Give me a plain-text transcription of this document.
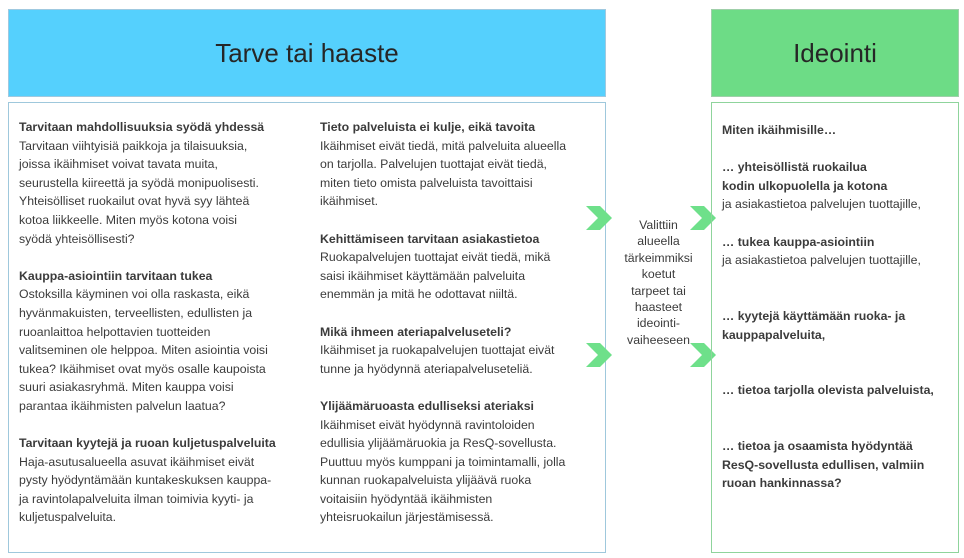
Tarve tai haaste	Ideointi
Tarvitaan mahdollisuuksia syödä yhdessä
Tarvitaan viihtyisiä paikkoja ja tilaisuuksia,
joissa ikäihmiset voivat tavata muita,
seurustella kiireettä ja syödä monipuolisesti.
Yhteisölliset ruokailut ovat hyvä syy lähteä
kotoa liikkeelle. Miten myös kotona voisi
syödä yhteisöllisesti?
Kauppa-asiointiin tarvitaan tukea
Ostoksilla käyminen voi olla raskasta, eikä
hyvänmakuisten, terveellisten, edullisten ja
ruoanlaittoa helpottavien tuotteiden
valitseminen ole helppoa. Miten asiointia voisi
tukea? Ikäihmiset ovat myös osalle kaupoista
suuri asiakasryhmä. Miten kauppa voisi
parantaa ikäihmisten palvelun laatua?
Tarvitaan kyytejä ja ruoan kuljetuspalveluita
Haja-asutusalueella asuvat ikäihmiset eivät
pysty hyödyntämään kuntakeskuksen kauppa-
ja ravintolapalveluita ilman toimivia kyyti- ja
kuljetuspalveluita.
Tieto palveluista ei kulje, eikä tavoita
Ikäihmiset eivät tiedä, mitä palveluita alueella
on tarjolla. Palvelujen tuottajat eivät tiedä,
miten tieto omista palveluista tavoittaisi
ikäihmiset.
Kehittämiseen tarvitaan asiakastietoa
Ruokapalvelujen tuottajat eivät tiedä, mikä
saisi ikäihmiset käyttämään palveluita
enemmän ja mitä he odottavat niiltä.
Mikä ihmeen ateriapalveluseteli?
Ikäihmiset ja ruokapalvelujen tuottajat eivät
tunne ja hyödynnä ateriapalveluseteliä.
Ylijäämäruoasta edulliseksi ateriaksi
Ikäihmiset eivät hyödynnä ravintoloiden
edullisia ylijäämäruokia ja ResQ-sovellusta.
Puuttuu myös kumppani ja toimintamalli, jolla
kunnan ruokapalveluista ylijäävä ruoka
voitaisiin hyödyntää ikäihmisten
yhteisruokailun järjestämisessä.
Valittiin
alueella
tärkeimmiksi
koetut
tarpeet tai
haasteet
ideointi-
vaiheeseen
Miten ikäihmisille…
… yhteisöllistä ruokailua
kodin ulkopuolella ja kotona
ja asiakastietoa palvelujen tuottajille,
… tukea kauppa-asiointiin
ja asiakastietoa palvelujen tuottajille,
… kyytejä käyttämään ruoka- ja
kauppapalveluita,
… tietoa tarjolla olevista palveluista,
… tietoa ja osaamista hyödyntää
ResQ-sovellusta edullisen, valmiin
ruoan hankinnassa?
